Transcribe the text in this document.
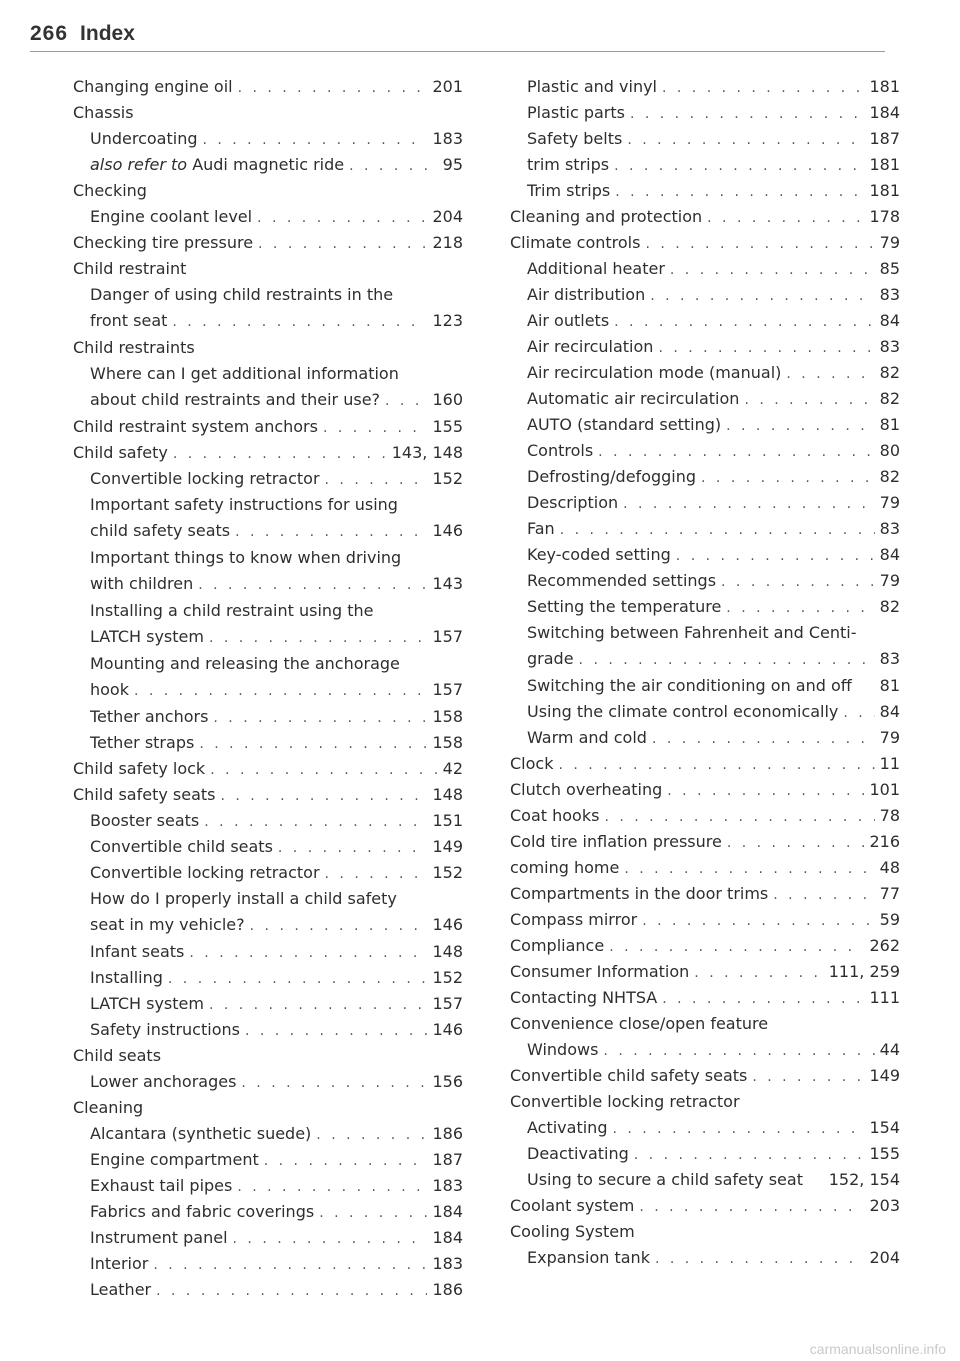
266 Index
Changing engine oil . . .	201
Chassis
Undercoating . . .	183
also refer to Audi magnetic ride . . .	95
Checking
Engine coolant level . . .	204
Checking tire pressure . . .	218
Child restraint
Danger of using child restraints in the
front seat . . .	123
Child restraints
Where can I get additional information
about child restraints and their use? . . .	160
Child restraint system anchors . . .	155
Child safety . . .	143, 148
Convertible locking retractor . . .	152
Important safety instructions for using
child safety seats . . .	146
Important things to know when driving
with children . . .	143
Installing a child restraint using the
LATCH system . . .	157
Mounting and releasing the anchorage
hook . . .	157
Tether anchors . . .	158
Tether straps . . .	158
Child safety lock . . .	42
Child safety seats . . .	148
Booster seats . . .	151
Convertible child seats . . .	149
Convertible locking retractor . . .	152
How do I properly install a child safety
seat in my vehicle? . . .	146
Infant seats . . .	148
Installing . . .	152
LATCH system . . .	157
Safety instructions . . .	146
Child seats
Lower anchorages . . .	156
Cleaning
Alcantara (synthetic suede) . . .	186
Engine compartment . . .	187
Exhaust tail pipes . . .	183
Fabrics and fabric coverings . . .	184
Instrument panel . . .	184
Interior . . .	183
Leather . . .	186
Plastic and vinyl . . .	181
Plastic parts . . .	184
Safety belts . . .	187
trim strips . . .	181
Trim strips . . .	181
Cleaning and protection . . .	178
Climate controls . . .	79
Additional heater . . .	85
Air distribution . . .	83
Air outlets . . .	84
Air recirculation . . .	83
Air recirculation mode (manual) . . .	82
Automatic air recirculation . . .	82
AUTO (standard setting) . . .	81
Controls . . .	80
Defrosting/defogging . . .	82
Description . . .	79
Fan . . .	83
Key-coded setting . . .	84
Recommended settings . . .	79
Setting the temperature . . .	82
Switching between Fahrenheit and Centi-
grade . . .	83
Switching the air conditioning on and off 81
Using the climate control economically . . .	84
Warm and cold . . .	79
Clock . . .	11
Clutch overheating . . .	101
Coat hooks . . .	78
Cold tire inflation pressure . . .	216
coming home . . .	48
Compartments in the door trims . . .	77
Compass mirror . . .	59
Compliance . . .	262
Consumer Information . . .	111, 259
Contacting NHTSA . . .	111
Convenience close/open feature
Windows . . .	44
Convertible child safety seats . . .	149
Convertible locking retractor
Activating . . .	154
Deactivating . . .	155
Using to secure a child safety seat 152, 154
Coolant system . . .	203
Cooling System
Expansion tank . . .	204
carmanualsonline.info
